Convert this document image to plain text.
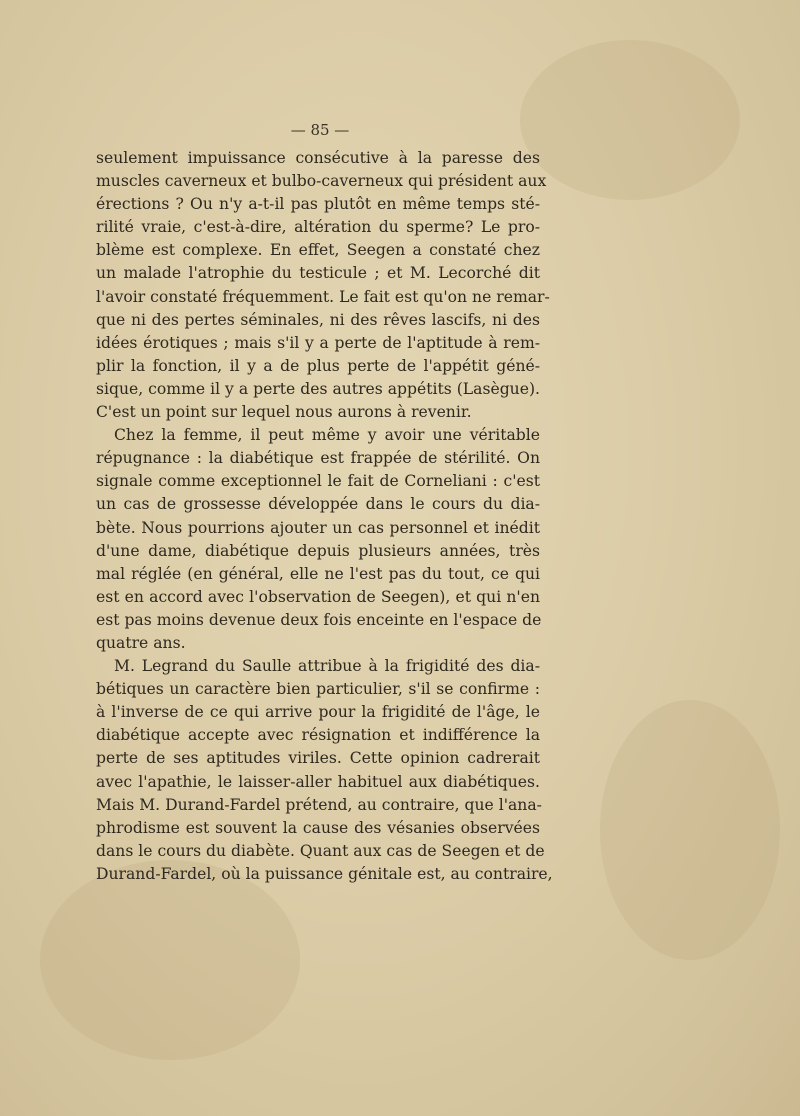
— 85 —
seulement impuissance consécutive à la paresse des
muscles caverneux et bulbo-caverneux qui président aux
érections ? Ou n'y a-t-il pas plutôt en même temps sté-
rilité vraie, c'est-à-dire, altération du sperme? Le pro-
blème est complexe. En effet, Seegen a constaté chez
un malade l'atrophie du testicule ; et M. Lecorché dit
l'avoir constaté fréquemment. Le fait est qu'on ne remar-
que ni des pertes séminales, ni des rêves lascifs, ni des
idées érotiques ; mais s'il y a perte de l'aptitude à rem-
plir la fonction, il y a de plus perte de l'appétit géné-
sique, comme il y a perte des autres appétits (Lasègue).
C'est un point sur lequel nous aurons à revenir.
Chez la femme, il peut même y avoir une véritable
répugnance : la diabétique est frappée de stérilité. On
signale comme exceptionnel le fait de Corneliani : c'est
un cas de grossesse développée dans le cours du dia-
bète. Nous pourrions ajouter un cas personnel et inédit
d'une dame, diabétique depuis plusieurs années, très
mal réglée (en général, elle ne l'est pas du tout, ce qui
est en accord avec l'observation de Seegen), et qui n'en
est pas moins devenue deux fois enceinte en l'espace de
quatre ans.
M. Legrand du Saulle attribue à la frigidité des dia-
bétiques un caractère bien particulier, s'il se confirme :
à l'inverse de ce qui arrive pour la frigidité de l'âge, le
diabétique accepte avec résignation et indifférence la
perte de ses aptitudes viriles. Cette opinion cadrerait
avec l'apathie, le laisser-aller habituel aux diabétiques.
Mais M. Durand-Fardel prétend, au contraire, que l'ana-
phrodisme est souvent la cause des vésanies observées
dans le cours du diabète. Quant aux cas de Seegen et de
Durand-Fardel, où la puissance génitale est, au contraire,
